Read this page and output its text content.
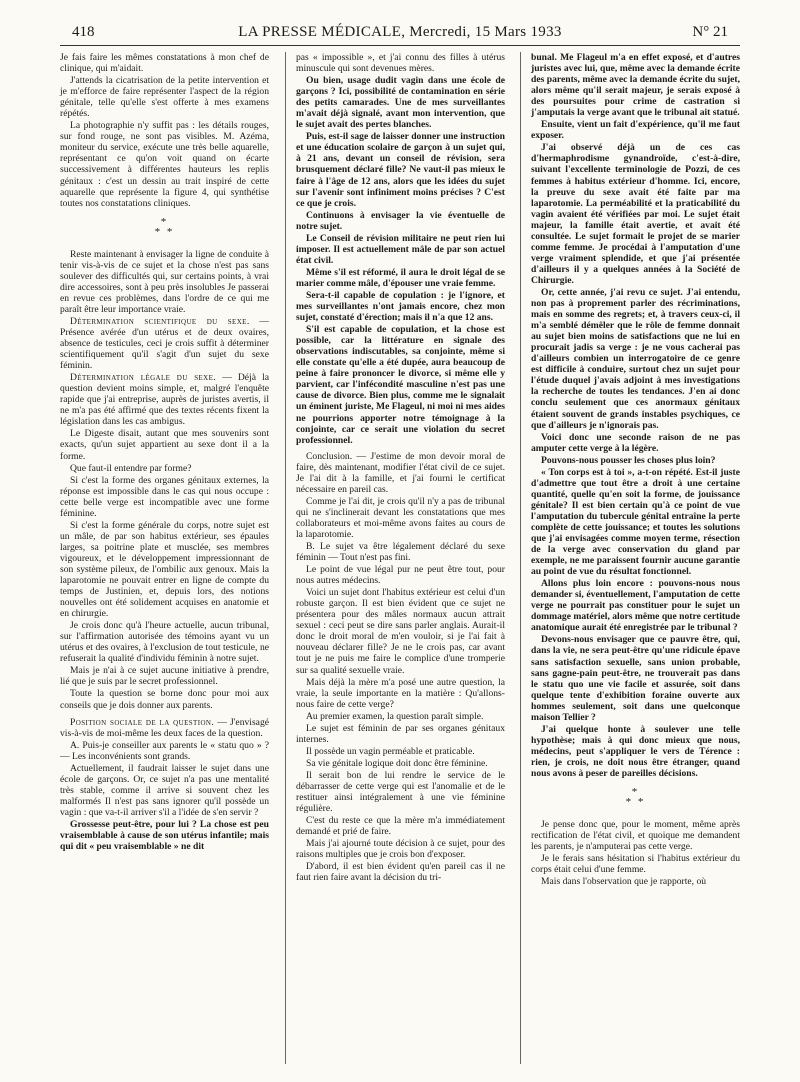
418	LA PRESSE MÉDICALE, Mercredi, 15 Mars 1933	N° 21

Je fais faire les mêmes constatations à mon chef de clinique, qui m'aidait.

J'attends la cicatrisation de la petite intervention et je m'efforce de faire représenter l'aspect de la région génitale, telle qu'elle s'est offerte à mes examens répétés.

La photographie n'y suffit pas : les détails rouges, sur fond rouge, ne sont pas visibles. M. Azéma, moniteur du service, exécute une très belle aquarelle, représentant ce qu'on voit quand on écarte successivement à différentes hauteurs les replis génitaux : c'est un dessin au trait inspiré de cette aquarelle que représente la figure 4, qui synthétise toutes nos constatations cliniques.

*
* *

Reste maintenant à envisager la ligne de conduite à tenir vis-à-vis de ce sujet et la chose n'est pas sans soulever des difficultés qui, sur certains points, à vrai dire accessoires, sont à peu près insolubles Je passerai en revue ces problèmes, dans l'ordre de ce qui me paraît être leur importance vraie.

Détermination scientifique du sexe. — Présence avérée d'un utérus et de deux ovaires, absence de testicules, ceci je crois suffit à déterminer scientifiquement qu'il s'agit d'un sujet du sexe féminin.

Détermination légale du sexe. — Déjà la question devient moins simple, et, malgré l'enquête rapide que j'ai entreprise, auprès de juristes avertis, il ne m'a pas été affirmé que des textes récents fixent la législation dans les cas ambigus.

Le Digeste disait, autant que mes souvenirs sont exacts, qu'un sujet appartient au sexe dont il a la forme.

Que faut-il entendre par forme?

Si c'est la forme des organes génitaux externes, la réponse est impossible dans le cas qui nous occupe : cette belle verge est incompatible avec une forme féminine.

Si c'est la forme générale du corps, notre sujet est un mâle, de par son habitus extérieur, ses épaules larges, sa poitrine plate et musclée, ses membres vigoureux, et le développement impressionnant de son système pileux, de l'ombilic aux genoux. Mais la laparotomie ne pouvait entrer en ligne de compte du temps de Justinien, et, depuis lors, des notions nouvelles ont été solidement acquises en anatomie et en chirurgie.

Je crois donc qu'à l'heure actuelle, aucun tribunal, sur l'affirmation autorisée des témoins ayant vu un utérus et des ovaires, à l'exclusion de tout testicule, ne refuserait la qualité d'individu féminin à notre sujet.

Mais je n'ai à ce sujet aucune initiative à prendre, lié que je suis par le secret professionnel.

Toute la question se borne donc pour moi aux conseils que je dois donner aux parents.

Position sociale de la question. — J'envisagé vis-à-vis de moi-même les deux faces de la question.

A. Puis-je conseiller aux parents le « statu quo » ? — Les inconvénients sont grands.

Actuellement, il faudrait laisser le sujet dans une école de garçons. Or, ce sujet n'a pas une mentalité très stable, comme il arrive si souvent chez les malformés Il n'est pas sans ignorer qu'il possède un vagin : que va-t-il arriver s'il a l'idée de s'en servir ?

Grossesse peut-être, pour lui ? La chose est peu vraisemblable à cause de son utérus infantile; mais qui dit « peu vraisemblable » ne dit

pas « impossible », et j'ai connu des filles à utérus minuscule qui sont devenues mères.

Ou bien, usage dudit vagin dans une école de garçons ? Ici, possibilité de contamination en série des petits camarades. Une de mes surveillantes m'avait déjà signalé, avant mon intervention, que le sujet avait des pertes blanches.

Puis, est-il sage de laisser donner une instruction et une éducation scolaire de garçon à un sujet qui, à 21 ans, devant un conseil de révision, sera brusquement déclaré fille? Ne vaut-il pas mieux le faire à l'âge de 12 ans, alors que les idées du sujet sur l'avenir sont infiniment moins précises ? C'est ce que je crois.

Continuons à envisager la vie éventuelle de notre sujet.

Le Conseil de révision militaire ne peut rien lui imposer. Il est actuellement mâle de par son actuel état civil.

Même s'il est réformé, il aura le droit légal de se marier comme mâle, d'épouser une vraie femme.

Sera-t-il capable de copulation : je l'ignore, et mes surveillantes n'ont jamais encore, chez mon sujet, constaté d'érection; mais il n'a que 12 ans.

S'il est capable de copulation, et la chose est possible, car la littérature en signale des observations indiscutables, sa conjointe, même si elle constate qu'elle a été dupée, aura beaucoup de peine à faire prononcer le divorce, si même elle y parvient, car l'infécondité masculine n'est pas une cause de divorce. Bien plus, comme me le signalait un éminent juriste, Me Flageul, ni moi ni mes aides ne pourrions apporter notre témoignage à la conjointe, car ce serait une violation du secret professionnel.

Conclusion. — J'estime de mon devoir moral de faire, dès maintenant, modifier l'état civil de ce sujet. Je l'ai dit à la famille, et j'ai fourni le certificat nécessaire en pareil cas.

Comme je l'ai dit, je crois qu'il n'y a pas de tribunal qui ne s'inclinerait devant les constatations que mes collaborateurs et moi-même avons faites au cours de la laparotomie.

B. Le sujet va être légalement déclaré du sexe féminin — Tout n'est pas fini.

Le point de vue légal pur ne peut être tout, pour nous autres médecins.

Voici un sujet dont l'habitus extérieur est celui d'un robuste garçon. Il est bien évident que ce sujet ne présentera pour des mâles normaux aucun attrait sexuel : ceci peut se dire sans parler anglais. Aurait-il donc le droit moral de m'en vouloir, si je l'ai fait à nouveau déclarer fille? Je ne le crois pas, car avant tout je ne puis me faire le complice d'une tromperie sur sa qualité sexuelle vraie.

Mais déjà la mère m'a posé une autre question, la vraie, la seule importante en la matière : Qu'allons-nous faire de cette verge?

Au premier examen, la question paraît simple.

Le sujet est féminin de par ses organes génitaux internes.

Il possède un vagin perméable et praticable.

Sa vie génitale logique doit donc être féminine.

Il serait bon de lui rendre le service de le débarrasser de cette verge qui est l'anomalie et de le restituer ainsi intégralement à une vie féminine régulière.

C'est du reste ce que la mère m'a immédiatement demandé et prié de faire.

Mais j'ai ajourné toute décision à ce sujet, pour des raisons multiples que je crois bon d'exposer.

D'abord, il est bien évident qu'en pareil cas il ne faut rien faire avant la décision du tri-

bunal. Me Flageul m'a en effet exposé, et d'autres juristes avec lui, que, même avec la demande écrite des parents, même avec la demande écrite du sujet, alors même qu'il serait majeur, je serais exposé à des poursuites pour crime de castration si j'amputais la verge avant que le tribunal ait statué.

Ensuite, vient un fait d'expérience, qu'il me faut exposer.

J'ai observé déjà un de ces cas d'hermaphrodisme gynandroïde, c'est-à-dire, suivant l'excellente terminologie de Pozzi, de ces femmes à habitus extérieur d'homme. Ici, encore, la preuve du sexe avait été faite par ma laparotomie. La perméabilité et la praticabilité du vagin avaient été vérifiées par moi. Le sujet était majeur, la famille était avertie, et avait été consultée. Le sujet formait le projet de se marier comme femme. Je procédai à l'amputation d'une verge vraiment splendide, et que j'ai présentée d'ailleurs il y a quelques années à la Société de Chirurgie.

Or, cette année, j'ai revu ce sujet. J'ai entendu, non pas à proprement parler des récriminations, mais en somme des regrets; et, à travers ceux-ci, il m'a semblé démêler que le rôle de femme donnait au sujet bien moins de satisfactions que ne lui en procurait jadis sa verge : je ne vous cacherai pas d'ailleurs combien un interrogatoire de ce genre est difficile à conduire, surtout chez un sujet pour l'étude duquel j'avais adjoint à mes investigations la recherche de toutes les tendances. J'en ai donc conclu seulement que ces anormaux génitaux étaient souvent de grands instables psychiques, ce que d'ailleurs je n'ignorais pas.

Voici donc une seconde raison de ne pas amputer cette verge à la légère.

Pouvons-nous pousser les choses plus loin?

« Ton corps est à toi », a-t-on répété. Est-il juste d'admettre que tout être a droit à une certaine quantité, quelle qu'en soit la forme, de jouissance génitale? Il est bien certain qu'à ce point de vue l'amputation du tubercule génital entraîne la perte complète de cette jouissance; et toutes les solutions que j'ai envisagées comme moyen terme, résection de la verge avec conservation du gland par exemple, ne me paraissent fournir aucune garantie au point de vue du résultat fonctionnel.

Allons plus loin encore : pouvons-nous nous demander si, éventuellement, l'amputation de cette verge ne pourrait pas constituer pour le sujet un dommage matériel, alors même que notre certitude anatomique aurait été enregistrée par le tribunal ?

Devons-nous envisager que ce pauvre être, qui, dans la vie, ne sera peut-être qu'une ridicule épave sans satisfaction sexuelle, sans union probable, sans gagne-pain peut-être, ne trouverait pas dans le statu quo une vie facile et assurée, soit dans quelque tente d'exhibition foraine ouverte aux hommes seulement, soit dans une quelconque maison Tellier ?

J'ai quelque honte à soulever une telle hypothèse; mais à qui donc mieux que nous, médecins, peut s'appliquer le vers de Térence : rien, je crois, ne doit nous être étranger, quand nous avons à peser de pareilles décisions.

*
* *

Je pense donc que, pour le moment, même après rectification de l'état civil, et quoique me demandent les parents, je n'amputerai pas cette verge.

Je le ferais sans hésitation si l'habitus extérieur du corps était celui d'une femme.

Mais dans l'observation que je rapporte, où
